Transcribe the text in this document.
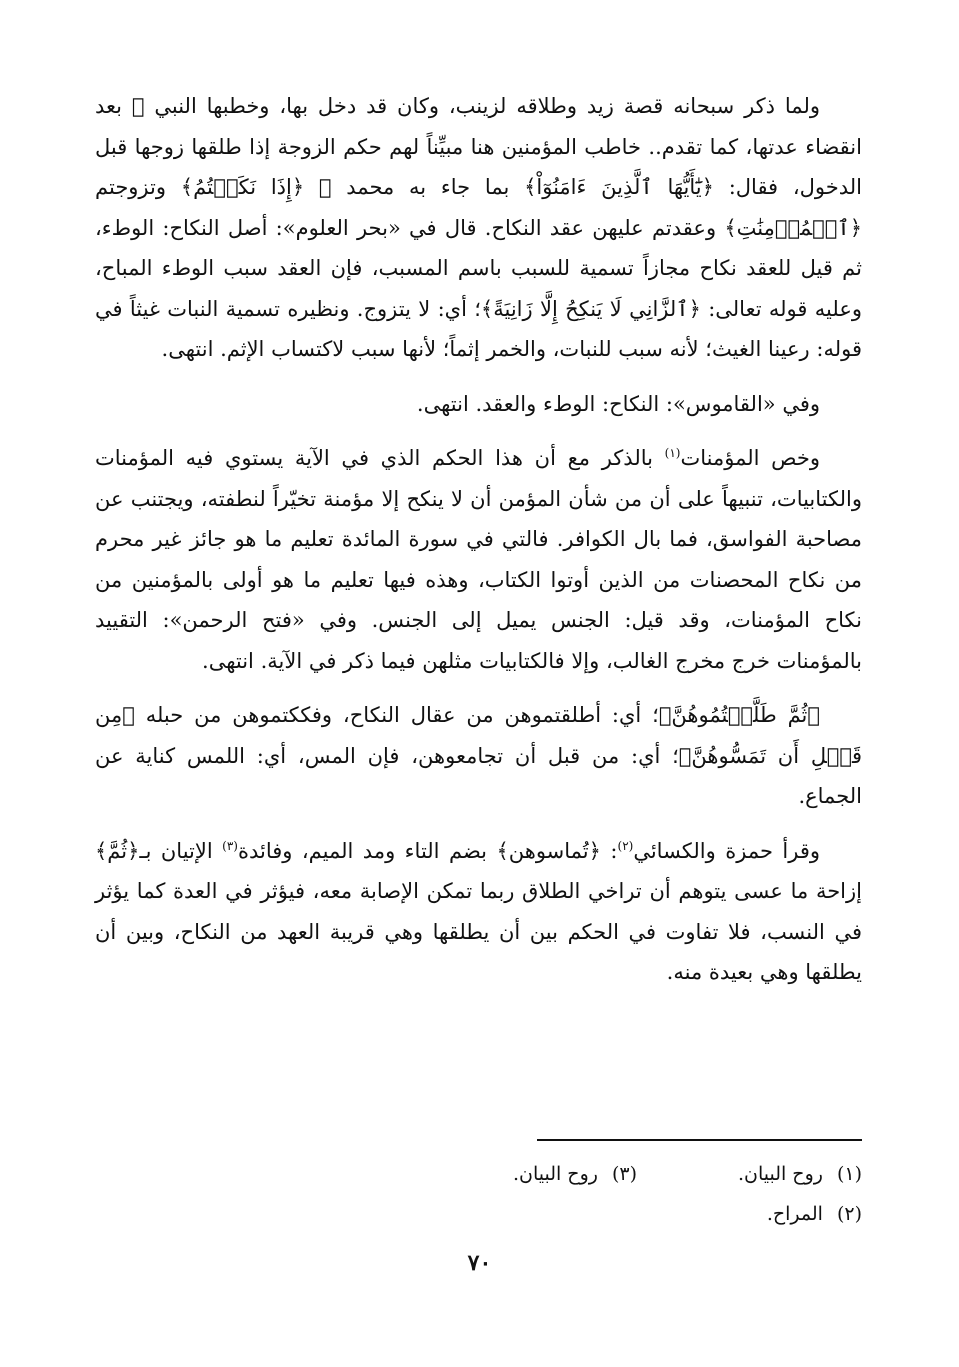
ولما ذكر سبحانه قصة زيد وطلاقه لزينب، وكان قد دخل بها، وخطبها النبي ﷺ بعد انقضاء عدتها، كما تقدم.. خاطب المؤمنين هنا مبيِّناً لهم حكم الزوجة إذا طلقها زوجها قبل الدخول، فقال: ﴿يَٰٓأَيُّهَا ٱلَّذِينَ ءَامَنُوٓاْ﴾ بما جاء به محمد ﷺ ﴿إِذَا نَكَحۡتُمُ﴾ وتزوجتم ﴿ٱلۡمُؤۡمِنَٰتِ﴾ وعقدتم عليهن عقد النكاح. قال في «بحر العلوم»: أصل النكاح: الوطء، ثم قيل للعقد نكاح مجازاً تسمية للسبب باسم المسبب، فإن العقد سبب الوطء المباح، وعليه قوله تعالى: ﴿ٱلزَّانِي لَا يَنكِحُ إِلَّا زَانِيَةً﴾؛ أي: لا يتزوج. ونظيره تسمية النبات غيثاً في قوله: رعينا الغيث؛ لأنه سبب للنبات، والخمر إثماً؛ لأنها سبب لاكتساب الإثم. انتهى.

وفي «القاموس»: النكاح: الوطء والعقد. انتهى.

وخص المؤمنات$^{(١)}$ بالذكر مع أن هذا الحكم الذي في الآية يستوي فيه المؤمنات والكتابيات، تنبيهاً على أن من شأن المؤمن أن لا ينكح إلا مؤمنة تخيّراً لنطفته، ويجتنب عن مصاحبة الفواسق، فما بال الكوافر. فالتي في سورة المائدة تعليم ما هو جائز غير محرم من نكاح المحصنات من الذين أوتوا الكتاب، وهذه فيها تعليم ما هو أولى بالمؤمنين من نكاح المؤمنات، وقد قيل: الجنس يميل إلى الجنس. وفي «فتح الرحمن»: التقييد بالمؤمنات خرج مخرج الغالب، وإلا فالكتابيات مثلهن فيما ذكر في الآية. انتهى.

﴿ثُمَّ طَلَّقۡتُمُوهُنَّ﴾؛ أي: أطلقتموهن من عقال النكاح، وفككتموهن من حبله ﴿مِن قَبۡلِ أَن تَمَسُّوهُنَّ﴾؛ أي: من قبل أن تجامعوهن، فإن المس، أي: اللمس كناية عن الجماع.

وقرأ حمزة والكسائي$^{(٢)}$: ﴿تُماسوهن﴾ بضم التاء ومد الميم، وفائدة$^{(٣)}$ الإتيان بـ﴿ثُمَّ﴾ إزاحة ما عسى يتوهم أن تراخي الطلاق ربما تمكن الإصابة معه، فيؤثر في العدة كما يؤثر في النسب، فلا تفاوت في الحكم بين أن يطلقها وهي قريبة العهد من النكاح، وبين أن يطلقها وهي بعيدة منه.

(١)روح البيان.
(٣)روح البيان.
(٢)المراح.
٧٠
